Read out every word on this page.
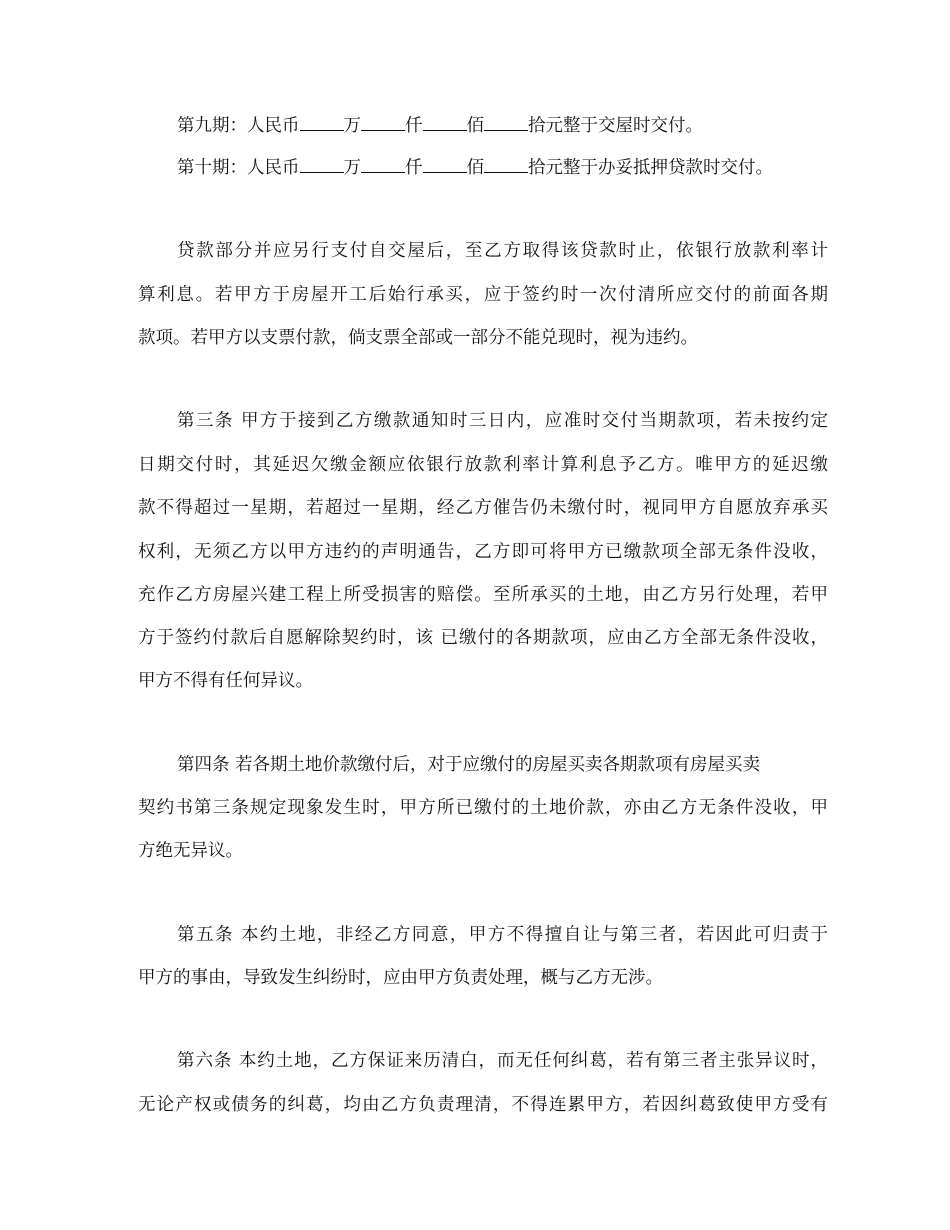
第九期：人民币	万	仟	佰	拾元整于交屋时交付。
第十期：人民币	万	仟	佰	拾元整于办妥抵押贷款时交付。
贷款部分并应另行支付自交屋后，至乙方取得该贷款时止，依银行放款利率计
算利息。若甲方于房屋开工后始行承买，应于签约时一次付清所应交付的前面各期
款项。若甲方以支票付款，倘支票全部或一部分不能兑现时，视为违约。
第三条 甲方于接到乙方缴款通知时三日内，应准时交付当期款项，若未按约定
日期交付时，其延迟欠缴金额应依银行放款利率计算利息予乙方。唯甲方的延迟缴
款不得超过一星期，若超过一星期，经乙方催告仍未缴付时，视同甲方自愿放弃承买
权利，无须乙方以甲方违约的声明通告，乙方即可将甲方已缴款项全部无条件没收，
充作乙方房屋兴建工程上所受损害的赔偿。至所承买的土地，由乙方另行处理，若甲
方于签约付款后自愿解除契约时，该 已缴付的各期款项，应由乙方全部无条件没收，
甲方不得有任何异议。
第四条 若各期土地价款缴付后，对于应缴付的房屋买卖各期款项有房屋买卖
契约书第三条规定现象发生时，甲方所已缴付的土地价款，亦由乙方无条件没收，甲
方绝无异议。
第五条 本约土地，非经乙方同意，甲方不得擅自让与第三者，若因此可归责于
甲方的事由，导致发生纠纷时，应由甲方负责处理，概与乙方无涉。
第六条 本约土地，乙方保证来历清白，而无任何纠葛，若有第三者主张异议时，
无论产权或债务的纠葛，均由乙方负责理清，不得连累甲方，若因纠葛致使甲方受有
